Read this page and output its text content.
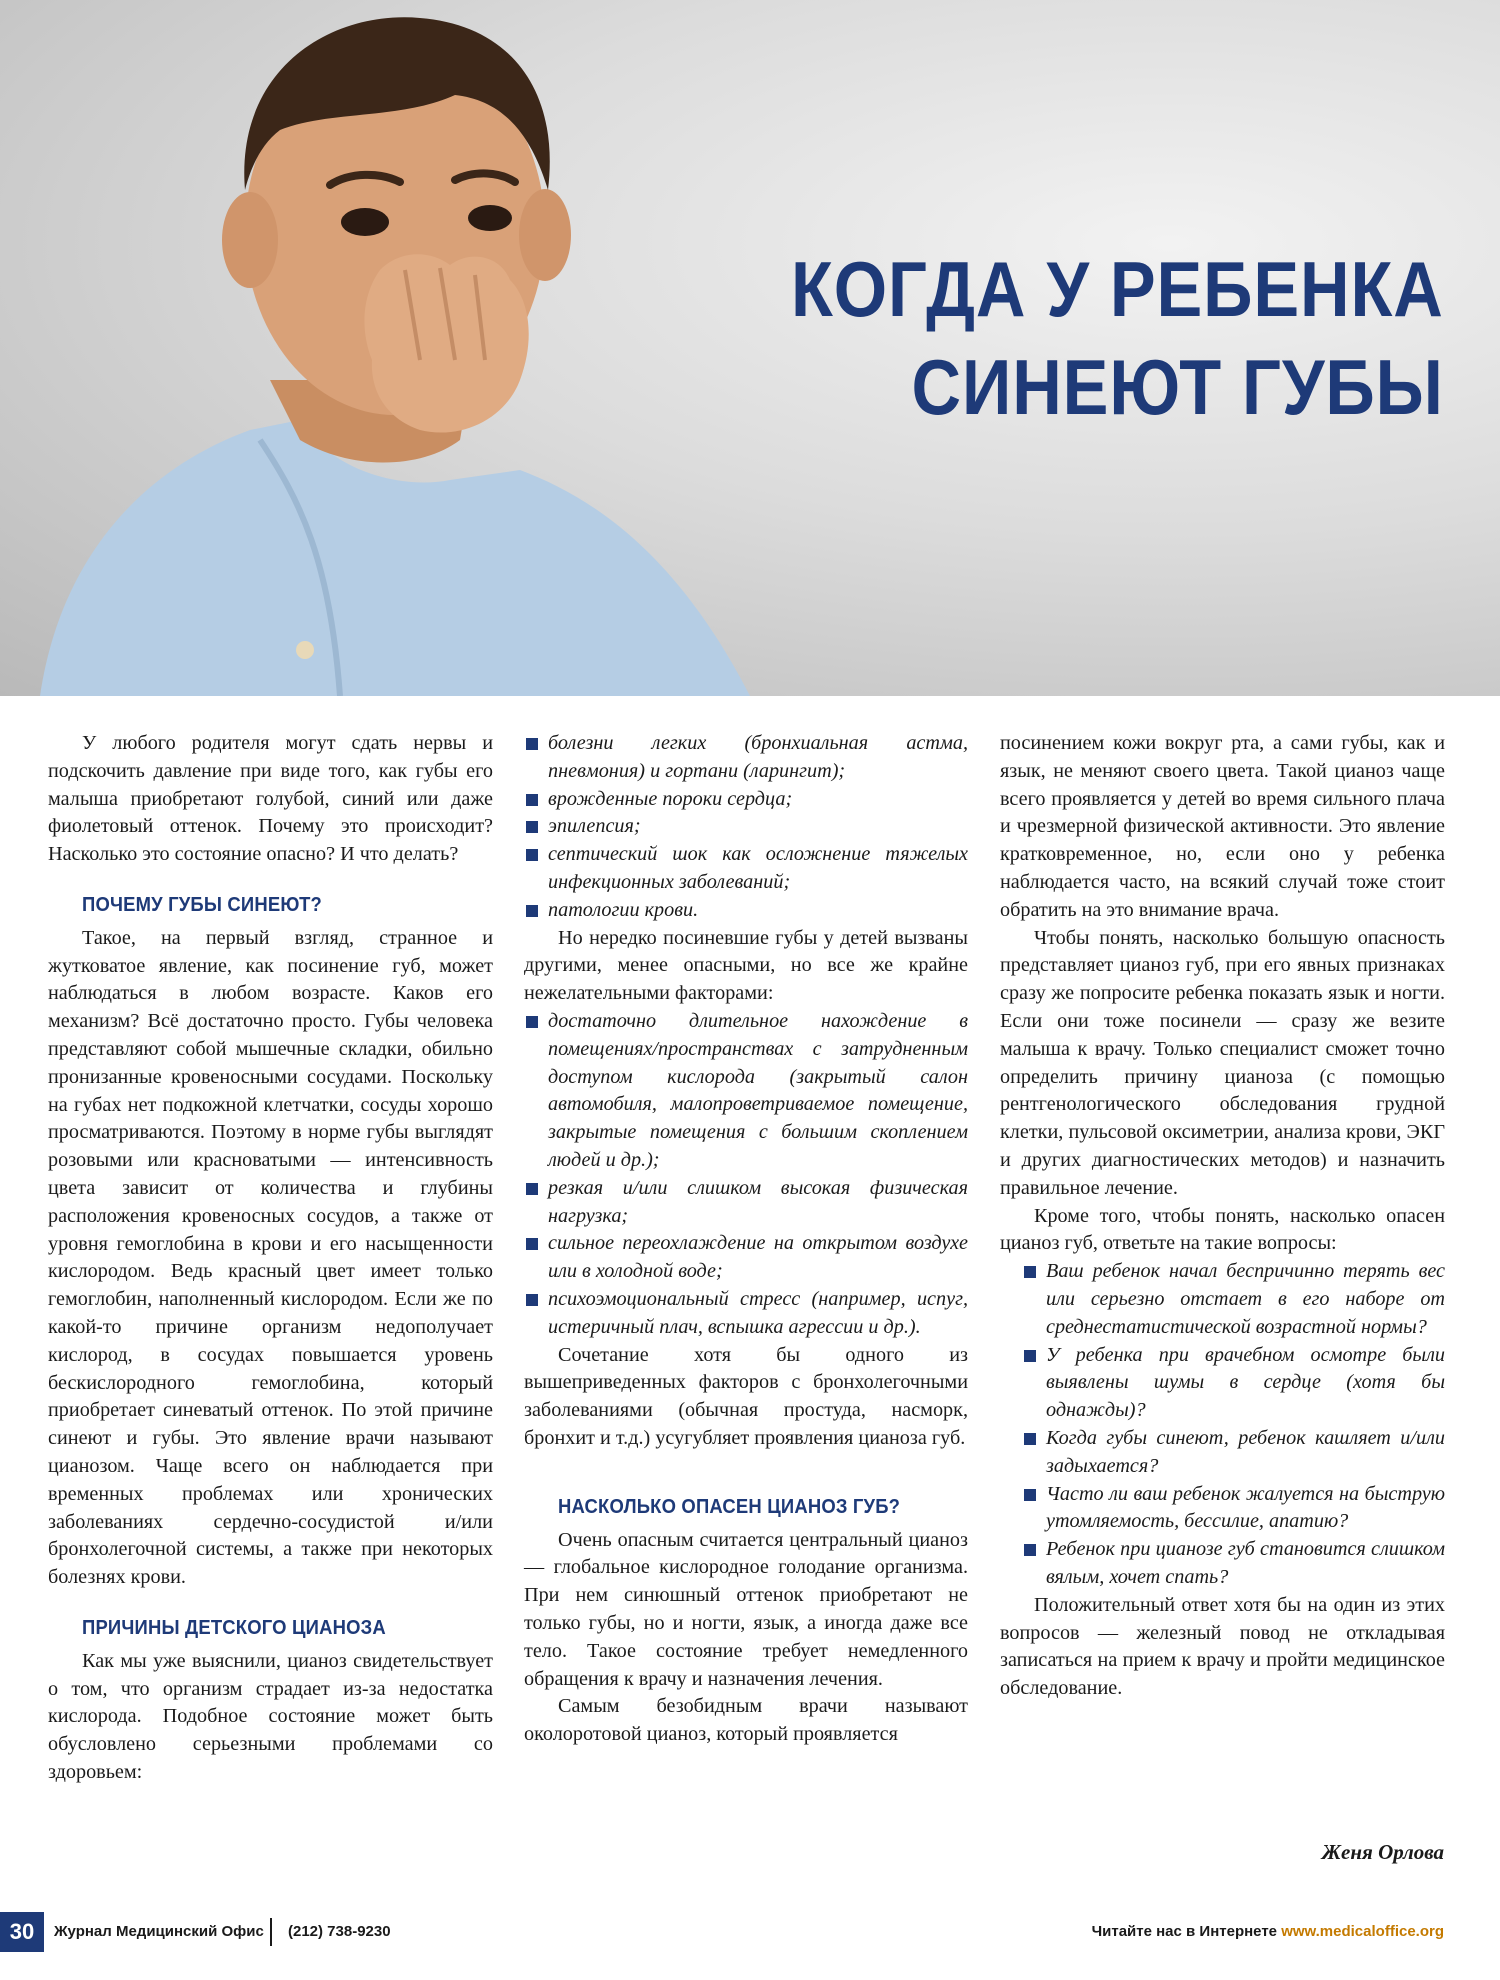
КОГДА У РЕБЕНКА
СИНЕЮТ ГУБЫ

У любого родителя могут сдать нервы и подскочить давление при виде того, как губы его малыша приобретают голубой, синий или даже фиолетовый оттенок. Почему это происходит? Насколько это состояние опасно? И что делать?

ПОЧЕМУ ГУБЫ СИНЕЮТ?

Такое, на первый взгляд, странное и жутковатое явление, как посинение губ, может наблюдаться в любом возрасте. Каков его механизм? Всё достаточно просто. Губы человека представляют собой мышечные складки, обильно пронизанные кровеносными сосудами. Поскольку на губах нет подкожной клетчатки, сосуды хорошо просматриваются. Поэтому в норме губы выглядят розовыми или красноватыми — интенсивность цвета зависит от количества и глубины расположения кровеносных сосудов, а также от уровня гемоглобина в крови и его насыщенности кислородом. Ведь красный цвет имеет только гемоглобин, наполненный кислородом. Если же по какой-то причине организм недополучает кислород, в сосудах повышается уровень бескислородного гемоглобина, который приобретает синеватый оттенок. По этой причине синеют и губы. Это явление врачи называют цианозом. Чаще всего он наблюдается при временных проблемах или хронических заболеваниях сердечно-сосудистой и/или бронхолегочной системы, а также при некоторых болезнях крови.

ПРИЧИНЫ ДЕТСКОГО ЦИАНОЗА

Как мы уже выяснили, цианоз свидетельствует о том, что организм страдает из-за недостатка кислорода. Подобное состояние может быть обусловлено серьезными проблемами со здоровьем:

болезни легких (бронхиальная астма, пневмония) и гортани (ларингит);
врожденные пороки сердца;
эпилепсия;
септический шок как осложнение тяжелых инфекционных заболеваний;
патологии крови.

Но нередко посиневшие губы у детей вызваны другими, менее опасными, но все же крайне нежелательными факторами:

достаточно длительное нахождение в помещениях/пространствах с затрудненным доступом кислорода (закрытый салон автомобиля, малопроветриваемое помещение, закрытые помещения с большим скоплением людей и др.);
резкая и/или слишком высокая физическая нагрузка;
сильное переохлаждение на открытом воздухе или в холодной воде;
психоэмоциональный стресс (например, испуг, истеричный плач, вспышка агрессии и др.).

Сочетание хотя бы одного из вышеприведенных факторов с бронхолегочными заболеваниями (обычная простуда, насморк, бронхит и т.д.) усугубляет проявления цианоза губ.

НАСКОЛЬКО ОПАСЕН ЦИАНОЗ ГУБ?

Очень опасным считается центральный цианоз — глобальное кислородное голодание организма. При нем синюшный оттенок приобретают не только губы, но и ногти, язык, а иногда даже все тело. Такое состояние требует немедленного обращения к врачу и назначения лечения.

Самым безобидным врачи называют околоротовой цианоз, который проявляется

посинением кожи вокруг рта, а сами губы, как и язык, не меняют своего цвета. Такой цианоз чаще всего проявляется у детей во время сильного плача и чрезмерной физической активности. Это явление кратковременное, но, если оно у ребенка наблюдается часто, на всякий случай тоже стоит обратить на это внимание врача.

Чтобы понять, насколько большую опасность представляет цианоз губ, при его явных признаках сразу же попросите ребенка показать язык и ногти. Если они тоже посинели — сразу же везите малыша к врачу. Только специалист сможет точно определить причину цианоза (с помощью рентгенологического обследования грудной клетки, пульсовой оксиметрии, анализа крови, ЭКГ и других диагностических методов) и назначить правильное лечение.

Кроме того, чтобы понять, насколько опасен цианоз губ, ответьте на такие вопросы:

Ваш ребенок начал беспричинно терять вес или серьезно отстает в его наборе от среднестатистической возрастной нормы?
У ребенка при врачебном осмотре были выявлены шумы в сердце (хотя бы однажды)?
Когда губы синеют, ребенок кашляет и/или задыхается?
Часто ли ваш ребенок жалуется на быструю утомляемость, бессилие, апатию?
Ребенок при цианозе губ становится слишком вялым, хочет спать?

Положительный ответ хотя бы на один из этих вопросов — железный повод не откладывая записаться на прием к врачу и пройти медицинское обследование.

Женя Орлова
30	Журнал Медицинский Офис (212) 738-9230	Читайте нас в Интернете www.medicaloffice.org
